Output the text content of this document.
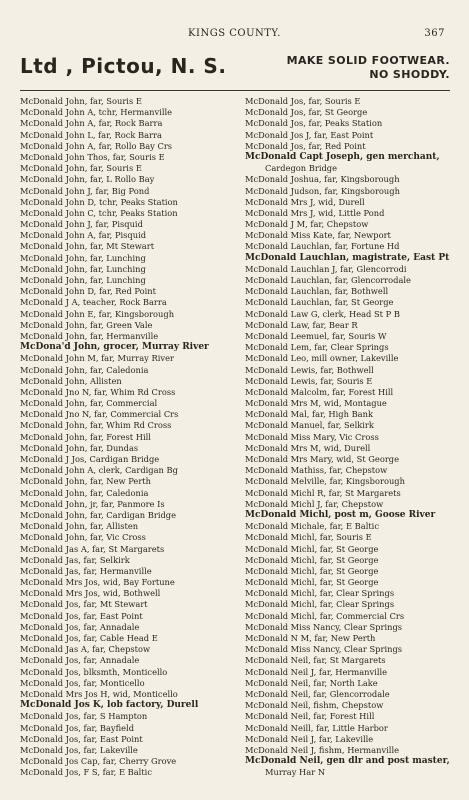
KINGS COUNTY.	367
Ltd , Pictou, N. S.	MAKE SOLID FOOTWEAR.
NO SHODDY.
McDonald John, far, Souris E
McDonald John A, tchr, Hermanville
McDonald John A, far, Rock Barra
McDonald John L, far, Rock Barra
McDonald John A, far, Rollo Bay Crs
McDonald John Thos, far, Souris E
McDonald John, far, Souris E
McDonald John, far, L Rollo Bay
McDonald John J, far, Big Pond
McDonald John D, tchr, Peaks Station
McDonald John C, tchr, Peaks Station
McDonald John J, far, Pisquid
McDonald John A, far, Pisquid
McDonald John, far, Mt Stewart
McDonald John, far, Lunching
McDonald John, far, Lunching
McDonald John, far, Lunching
McDonald John D, far, Red Point
McDonald J A, teacher, Rock Barra
McDonald John E, far, Kingsborough
McDonald John, far, Green Vale
McDonald John, far, Hermanville
McDona'd John, grocer, Murray River
McDonald John M, far, Murray River
McDonald John, far, Caledonia
McDonald John, Allisten
McDonald Jno N, far, Whim Rd Cross
McDonald John, far, Commercial
McDonald Jno N, far, Commercial Crs
McDonald John, far, Whim Rd Cross
McDonald John, far, Forest Hill
McDonald John, far, Dundas
McDonald J Jos, Cardigan Bridge
McDonald John A, clerk, Cardigan Bg
McDonald John, far, New Perth
McDonald John, far, Caledonia
McDonald John, jr, far, Panmore Is
McDonald John, far, Cardigan Bridge
McDonald John, far, Allisten
McDonald John, far, Vic Cross
McDonald Jas A, far, St Margarets
McDonald Jas, far, Selkirk
McDonald Jas, far, Hermanville
McDonald Mrs Jos, wid, Bay Fortune
McDonald Mrs Jos, wid, Bothwell
McDonald Jos, far, Mt Stewart
McDonald Jos, far, East Point
McDonald Jos, far, Annadale
McDonald Jos, far, Cable Head E
McDonald Jas A, far, Chepstow
McDonald Jos, far, Annadale
McDonald Jos, blksmth, Monticello
McDonald Jos, far, Monticello
McDonald Mrs Jos H, wid, Monticello
McDonald Jos K, lob factory, Durell
McDonald Jos, far, S Hampton
McDonald Jos, far, Bayfield
McDonald Jos, far, East Point
McDonald Jos, far, Lakeville
McDonald Jos Cap, far, Cherry Grove
McDonald Jos, F S, far, E Baltic
McDonald Jos, far, Souris E
McDonald Jos, far, St George
McDonald Jos, far, Peaks Station
McDonald Jos J, far, East Point
McDonald Jos, far, Red Point
McDonald Capt Joseph, gen merchant,
Cardegon Bridge
McDonald Joshua, far, Kingsborough
McDonald Judson, far, Kingsborough
McDonald Mrs J, wid, Durell
McDonald Mrs J, wid, Little Pond
McDonald J M, far, Chepstow
McDonald Miss Kate, far, Newport
McDonald Lauchlan, far, Fortune Hd
McDonald Lauchlan, magistrate, East Pt
McDonald Lauchlan J, far, Glencorrodi
McDonald Lauchlan, far, Glencorrodale
McDonald Lauchlan, far, Bothwell
McDonald Lauchlan, far, St George
McDonald Law G, clerk, Head St P B
McDonald Law, far, Bear R
McDonald Leemuel, far, Souris W
McDonald Lem, far, Clear Springs
McDonald Leo, mill owner, Lakeville
McDonald Lewis, far, Bothwell
McDonald Lewis, far, Souris E
McDonald Malcolm, far, Forest Hill
McDonald Mrs M, wid, Montague
McDonald Mal, far, High Bank
McDonald Manuel, far, Selkirk
McDonald Miss Mary, Vic Cross
McDonald Mrs M, wid, Durell
McDonald Mrs Mary, wid, St George
McDonald Mathiss, far, Chepstow
McDonald Melville, far, Kingsborough
McDonald Michl R, far, St Margarets
McDonald Michl J, far, Chepstow
McDonald Michl, post m, Goose River
McDonald Michale, far, E Baltic
McDonald Michl, far, Souris E
McDonald Michl, far, St George
McDonald Michl, far, St George
McDonald Michl, far, St George
McDonald Michl, far, St George
McDonald Michl, far, Clear Springs
McDonald Michl, far, Clear Springs
McDonald Michl, far, Commercial Crs
McDonald Miss Nancy, Clear Springs
McDonald N M, far, New Perth
McDonald Miss Nancy, Clear Springs
McDonald Neil, far, St Margarets
McDonald Neil J, far, Hermanville
McDonald Neil, far, North Lake
McDonald Neil, far, Glencorrodale
McDonald Neil, fishm, Chepstow
McDonald Neil, far, Forest Hill
McDonald Neill, far, Little Harbor
McDonald Neil J, far, Lakeville
McDonald Neil J, fishm, Hermanville
McDonald Neil, gen dlr and post master,
Murray Har N
